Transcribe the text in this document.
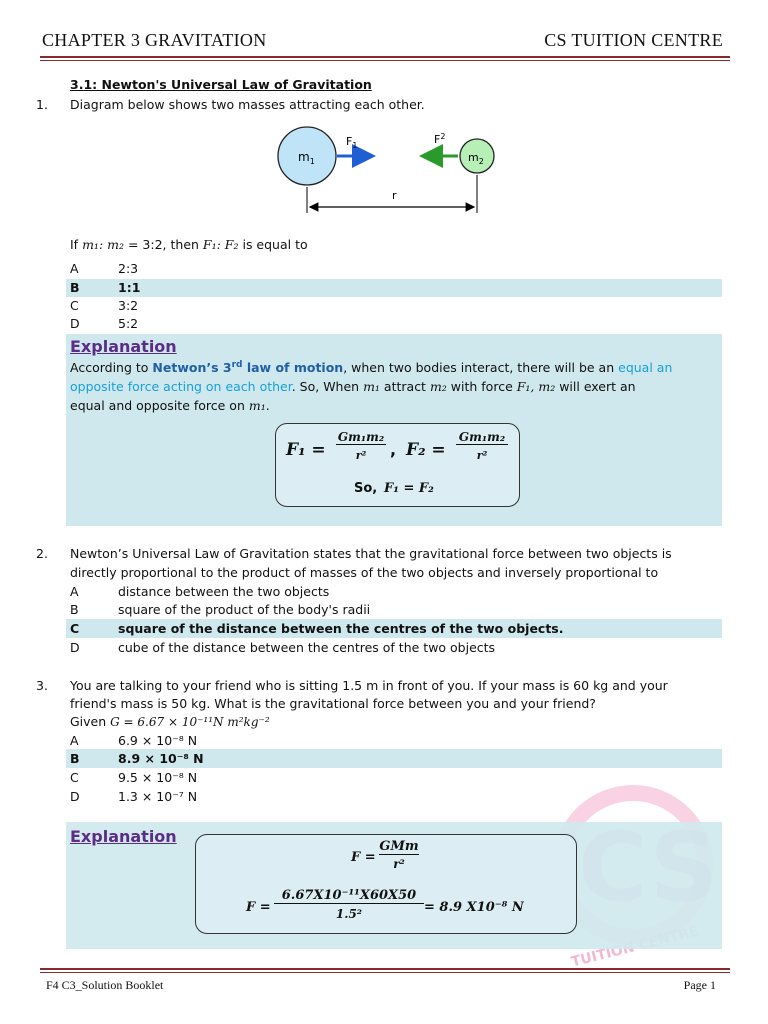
CHAPTER 3 GRAVITATION	CS TUITION CENTRE
3.1: Newton's Universal Law of Gravitation
1. Diagram below shows two masses attracting each other.
$m_1$	$m_2$
$F_1$	$F^2$
r
If m₁: m₂ = 3:2, then F₁: F₂ is equal to
A	2:3
B	1:1
C	3:2
D	5:2
Explanation
According to Netwon’s 3rd law of motion, when two bodies interact, there will be an equal an
opposite force acting on each other. So, When m₁ attract m₂ with force F₁, m₂ will exert an
equal and opposite force on m₁.
F₁ =
Gm₁m₂
r²	, F₂ =
Gm₁m₂
r²
So, F₁ = F₂
2. Newton’s Universal Law of Gravitation states that the gravitational force between two objects is
directly proportional to the product of masses of the two objects and inversely proportional to
A	distance between the two objects
B	square of the product of the body's radii
C	square of the distance between the centres of the two objects.
D	cube of the distance between the centres of the two objects
3. You are talking to your friend who is sitting 1.5 m in front of you. If your mass is 60 kg and your
friend's mass is 50 kg. What is the gravitational force between you and your friend?
Given G = 6.67 × 10⁻¹¹N m²kg⁻²
A	6.9 × 10⁻⁸ N
B	8.9 × 10⁻⁸ N
C	9.5 × 10⁻⁸ N
D	1.3 × 10⁻⁷ N
Explanation
F =
GMm
r²
F =
6.67X10⁻¹¹X60X50
1.5²	= 8.9 X10⁻⁸ N
F4 C3_Solution Booklet	Page 1
